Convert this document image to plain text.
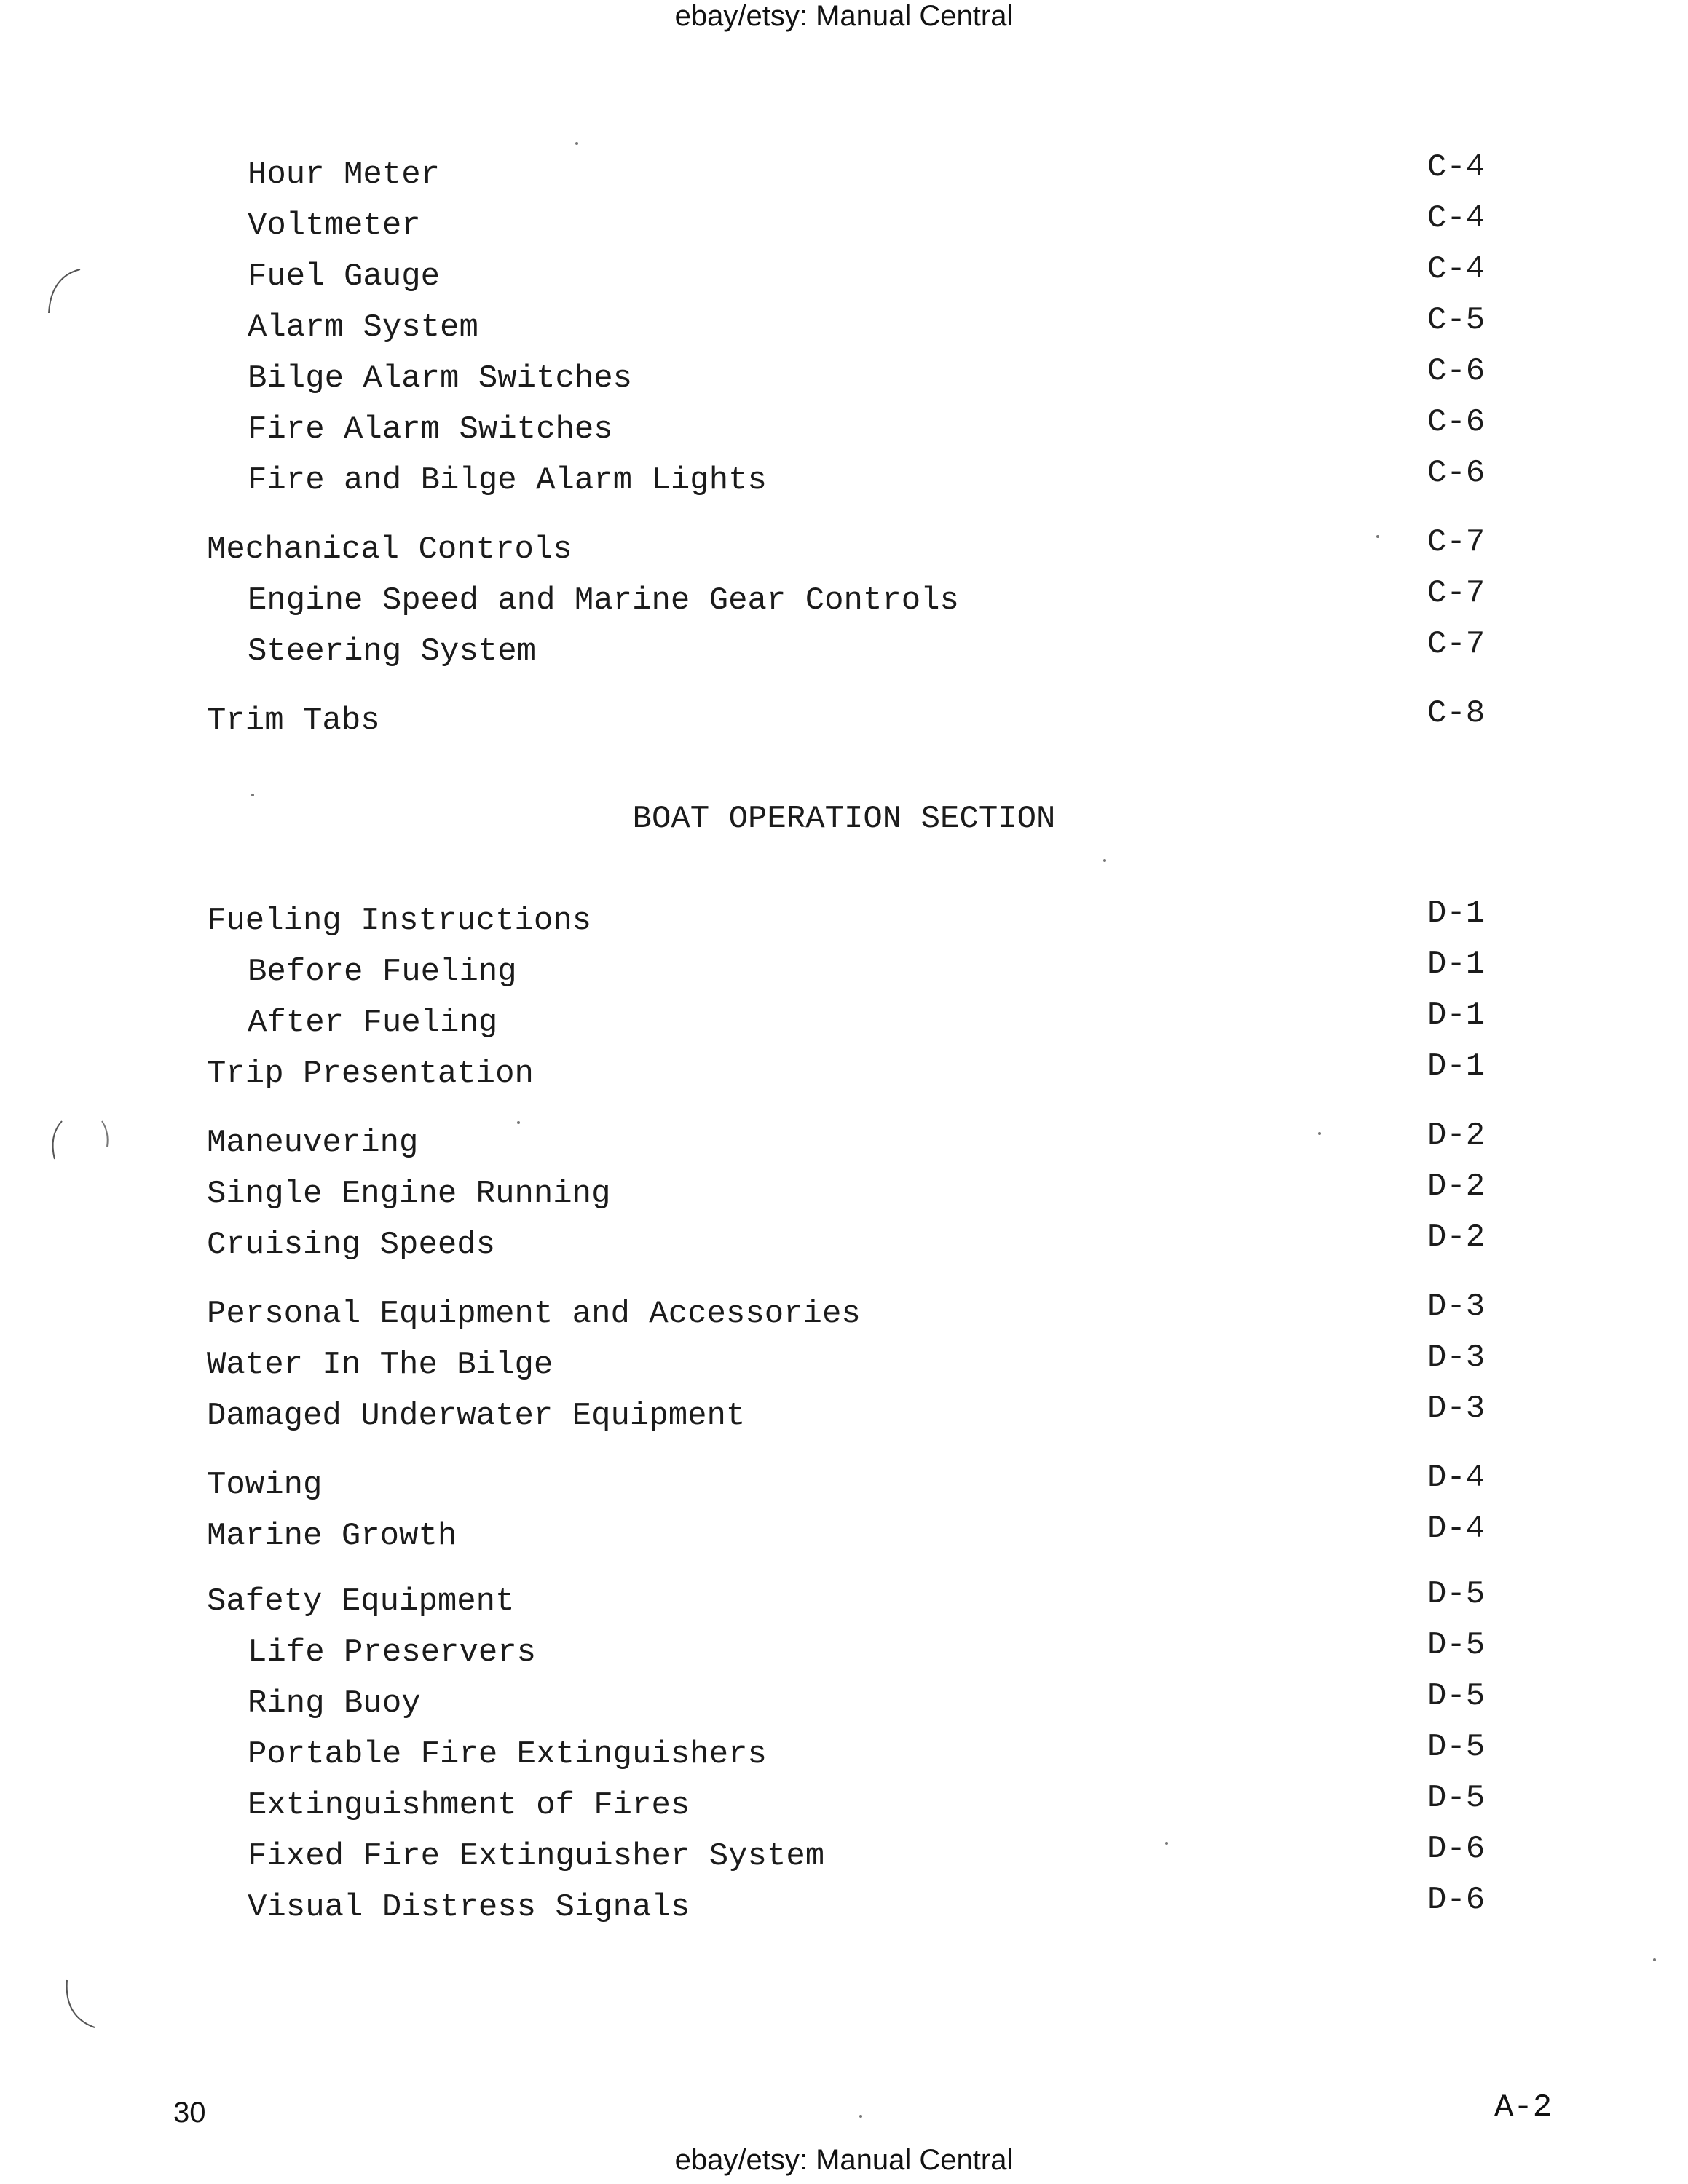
ebay/etsy: Manual Central
Hour Meter	C-4
Voltmeter	C-4
Fuel Gauge	C-4
Alarm System	C-5
Bilge Alarm Switches	C-6
Fire Alarm Switches	C-6
Fire and Bilge Alarm Lights	C-6
Mechanical Controls	C-7
Engine Speed and Marine Gear Controls	C-7
Steering System	C-7
Trim Tabs	C-8
BOAT OPERATION SECTION
Fueling Instructions	D-1
Before Fueling	D-1
After Fueling	D-1
Trip Presentation	D-1
Maneuvering	D-2
Single Engine Running	D-2
Cruising Speeds	D-2
Personal Equipment and Accessories	D-3
Water In The Bilge	D-3
Damaged Underwater Equipment	D-3
Towing	D-4
Marine Growth	D-4
Safety Equipment	D-5
Life Preservers	D-5
Ring Buoy	D-5
Portable Fire Extinguishers	D-5
Extinguishment of Fires	D-5
Fixed Fire Extinguisher System	D-6
Visual Distress Signals	D-6
30	A-2
ebay/etsy: Manual Central
